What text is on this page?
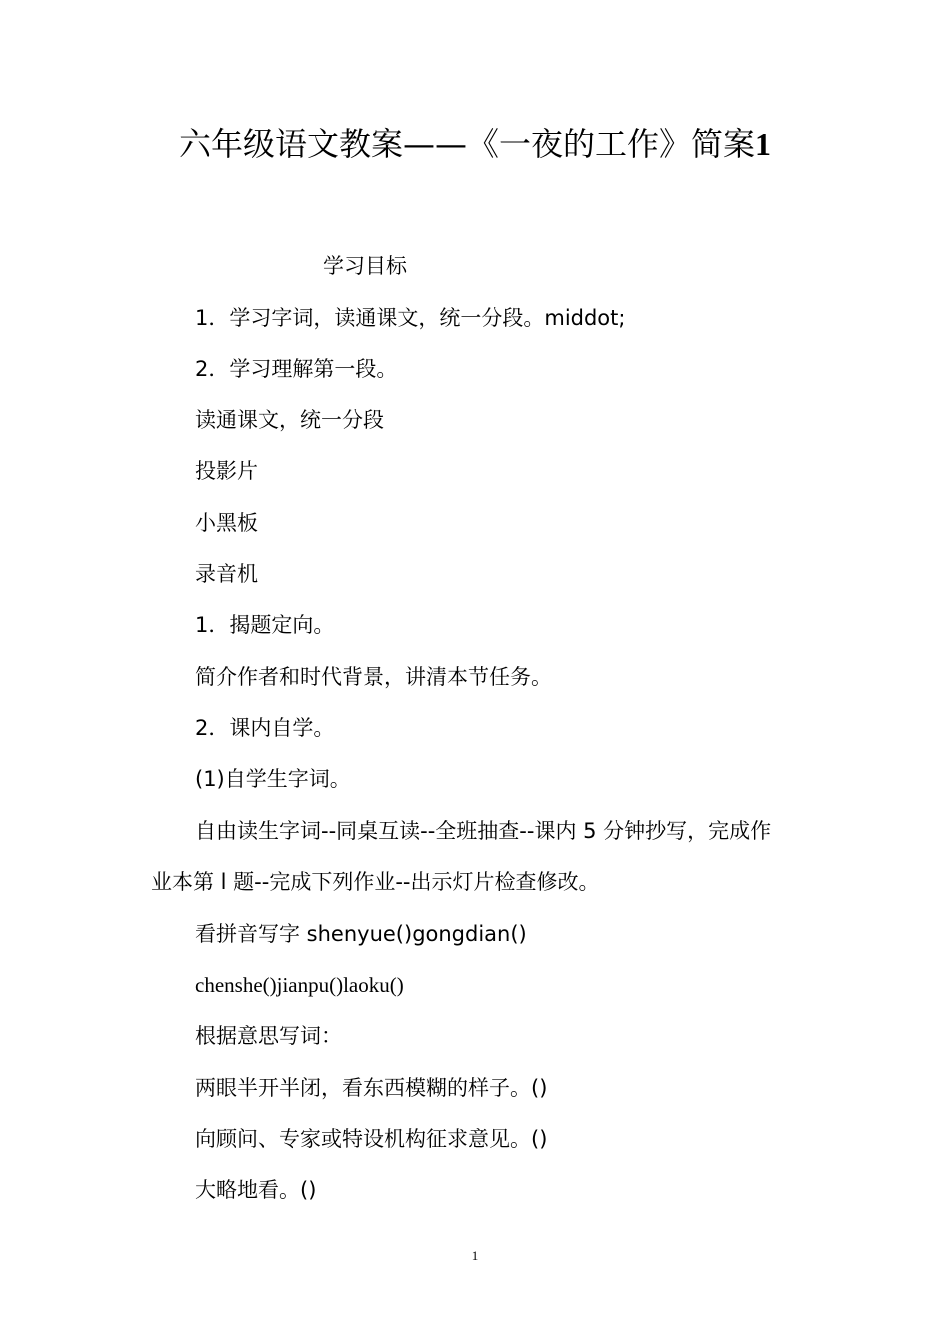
六年级语文教案——《一夜的工作》简案1
学习目标
1．学习字词，读通课文，统一分段。middot;
2．学习理解第一段。
读通课文，统一分段
投影片
小黑板
录音机
1．揭题定向。
简介作者和时代背景，讲清本节任务。
2．课内自学。
(1)自学生字词。
自由读生字词--同桌互读--全班抽查--课内 5 分钟抄写，完成作
业本第 l 题--完成下列作业--出示灯片检查修改。
看拼音写字 shenyue()gongdian()
chenshe()jianpu()laoku()
根据意思写词：
两眼半开半闭，看东西模糊的样子。()
向顾问、专家或特设机构征求意见。()
大略地看。()
1
